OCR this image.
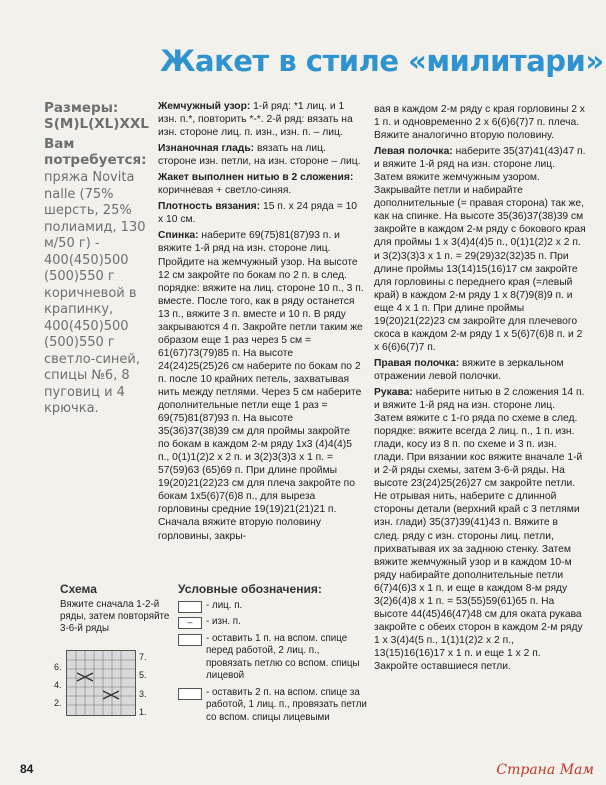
Жакет в стиле «милитари»
Размеры:
S(M)L(XL)XXL
Вам потребуется:
пряжа Novita nalle (75% шерсть, 25% полиамид, 130 м/50 г) - 400(450)500 (500)550 г коричневой в крапинку, 400(450)500 (500)550 г светло-синей, спицы №6, 8 пуговиц и 4 крючка.

Жемчужный узор: 1-й ряд: *1 лиц. и 1 изн. п.*, повторить *-*. 2-й ряд: вязать на изн. стороне лиц. п. изн., изн. п. – лиц.

Изнаночная гладь: вязать на лиц. стороне изн. петли, на изн. стороне – лиц.

Жакет выполнен нитью в 2 сложения: коричневая + светло-синяя.

Плотность вязания: 15 п. х 24 ряда = 10 х 10 см.

Спинка: наберите 69(75)81(87)93 п. и вяжите 1-й ряд на изн. стороне лиц. Пройдите на жемчужный узор. На высоте 12 см закройте по бокам по 2 п. в след. порядке: вяжите на лиц. стороне 10 п., 3 п. вместе. После того, как в ряду останется 13 п., вяжите 3 п. вместе и 10 п. В ряду закрываются 4 п. Закройте петли таким же образом еще 1 раз через 5 см = 61(67)73(79)85 п. На высоте 24(24)25(25)26 см наберите по бокам по 2 п. после 10 крайних петель, захватывая нить между петлями. Через 5 см наберите дополнительные петли еще 1 раз = 69(75)81(87)93 п. На высоте 35(36)37(38)39 см для проймы закройте по бокам в каждом 2-м ряду 1х3 (4)4(4)5 п., 0(1)1(2)2 х 2 п. и 3(2)3(3)3 х 1 п. = 57(59)63 (65)69 п. При длине проймы 19(20)21(22)23 см для плеча закройте по бокам 1х5(6)7(6)8 п., для выреза горловины средние 19(19)21(21)21 п. Сначала вяжите вторую половину горловины, закры-

вая в каждом 2-м ряду с края горловины 2 х 1 п. и одновременно 2 х 6(6)6(7)7 п. плеча. Вяжите аналогично вторую половину.

Левая полочка: наберите 35(37)41(43)47 п. и вяжите 1-й ряд на изн. стороне лиц. Затем вяжите жемчужным узором. Закрывайте петли и набирайте дополнительные (= правая сторона) так же, как на спинке. На высоте 35(36)37(38)39 см закройте в каждом 2-м ряду с бокового края для проймы 1 х 3(4)4(4)5 п., 0(1)1(2)2 х 2 п. и 3(2)3(3)3 х 1 п. = 29(29)32(32)35 п. При длине проймы 13(14)15(16)17 см закройте для горловины с переднего края (=левый край) в каждом 2-м ряду 1 х 8(7)9(8)9 п. и еще 4 х 1 п. При длине проймы 19(20)21(22)23 см закройте для плечевого скоса в каждом 2-м ряду 1 х 5(6)7(6)8 п. и 2 х 6(6)6(7)7 п.

Правая полочка: вяжите в зеркальном отражении левой полочки.

Рукава: наберите нитью в 2 сложения 14 п. и вяжите 1-й ряд на изн. стороне лиц. Затем вяжите с 1-го ряда по схеме в след. порядке: вяжите всегда 2 лиц. п., 1 п. изн. глади, косу из 8 п. по схеме и 3 п. изн. глади. При вязании кос вяжите вначале 1-й и 2-й ряды схемы, затем 3-6-й ряды. На высоте 23(24)25(26)27 см закройте петли. Не отрывая нить, наберите с длинной стороны детали (верхний край с 3 петлями изн. глади) 35(37)39(41)43 п. Вяжите в след. ряду с изн. стороны лиц. петли, прихватывая их за заднюю стенку. Затем вяжите жемчужный узор и в каждом 10-м ряду набирайте дополнительные петли 6(7)4(6)3 х 1 п. и еще в каждом 8-м ряду 3(2)6(4)8 х 1 п. = 53(55)59(61)65 п. На высоте 44(45)46(47)48 см для оката рукава закройте с обеих сторон в каждом 2-м ряду 1 х 3(4)4(5 п., 1(1)1(2)2 х 2 п., 13(15)16(16)17 х 1 п. и еще 1 х 2 п. Закройте оставшиеся петли.

Схема
Вяжите сначала 1-2-й ряды, затем повторяйте 3-6-й ряды
7.
6.
5.
4.
3.
2.
1.
Условные обозначения:
- лиц. п.
–	- изн. п.
- оставить 1 п. на вспом. спице перед работой, 2 лиц. п., провязать петлю со вспом. спицы лицевой
- оставить 2 п. на вспом. спице за работой, 1 лиц. п., провязать петли со вспом. спицы лицевыми
84	Страна Мам
